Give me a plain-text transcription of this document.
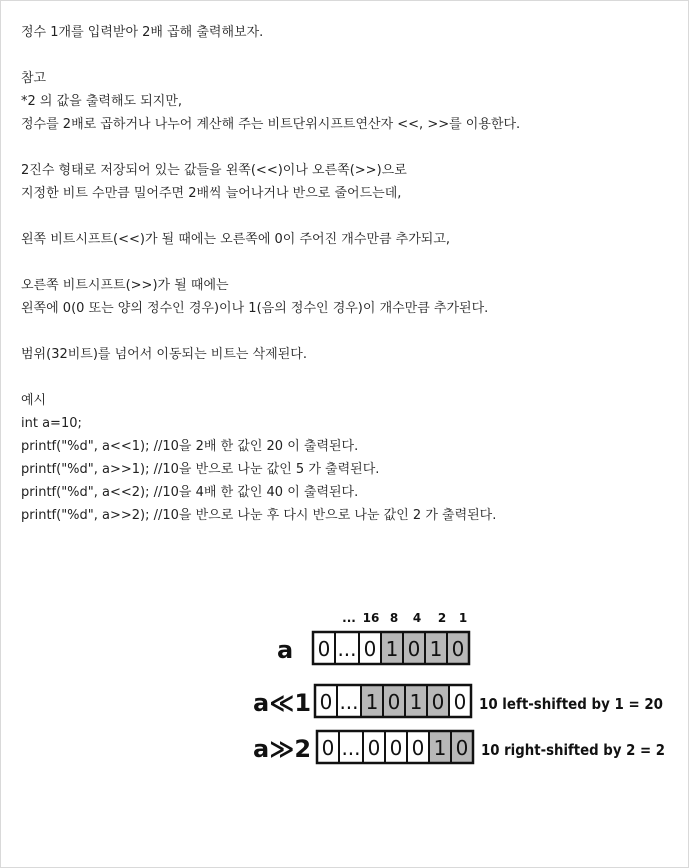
정수 1개를 입력받아 2배 곱해 출력해보자.
참고
*2 의 값을 출력해도 되지만,
정수를 2배로 곱하거나 나누어 계산해 주는 비트단위시프트연산자 <<, >>를 이용한다.
2진수 형태로 저장되어 있는 값들을 왼쪽(<<)이나 오른쪽(>>)으로
지정한 비트 수만큼 밀어주면 2배씩 늘어나거나 반으로 줄어드는데,
왼쪽 비트시프트(<<)가 될 때에는 오른쪽에 0이 주어진 개수만큼 추가되고,
오른쪽 비트시프트(>>)가 될 때에는
왼쪽에 0(0 또는 양의 정수인 경우)이나 1(음의 정수인 경우)이 개수만큼 추가된다.
범위(32비트)를 넘어서 이동되는 비트는 삭제된다.
예시
int a=10;
printf("%d", a<<1); //10을 2배 한 값인 20 이 출력된다.
printf("%d", a>>1); //10을 반으로 나눈 값인 5 가 출력된다.
printf("%d", a<<2); //10을 4배 한 값인 40 이 출력된다.
printf("%d", a>>2); //10을 반으로 나눈 후 다시 반으로 나눈 값인 2 가 출력된다.
... 16 8 4 2 1
a 0 ... 0 1 0 1 0
a≪1 0 ... 1 0 1 0 0 10 left-shifted by 1 = 20
a≫2 0 ... 0 0 0 1 0 10 right-shifted by 2 = 2
